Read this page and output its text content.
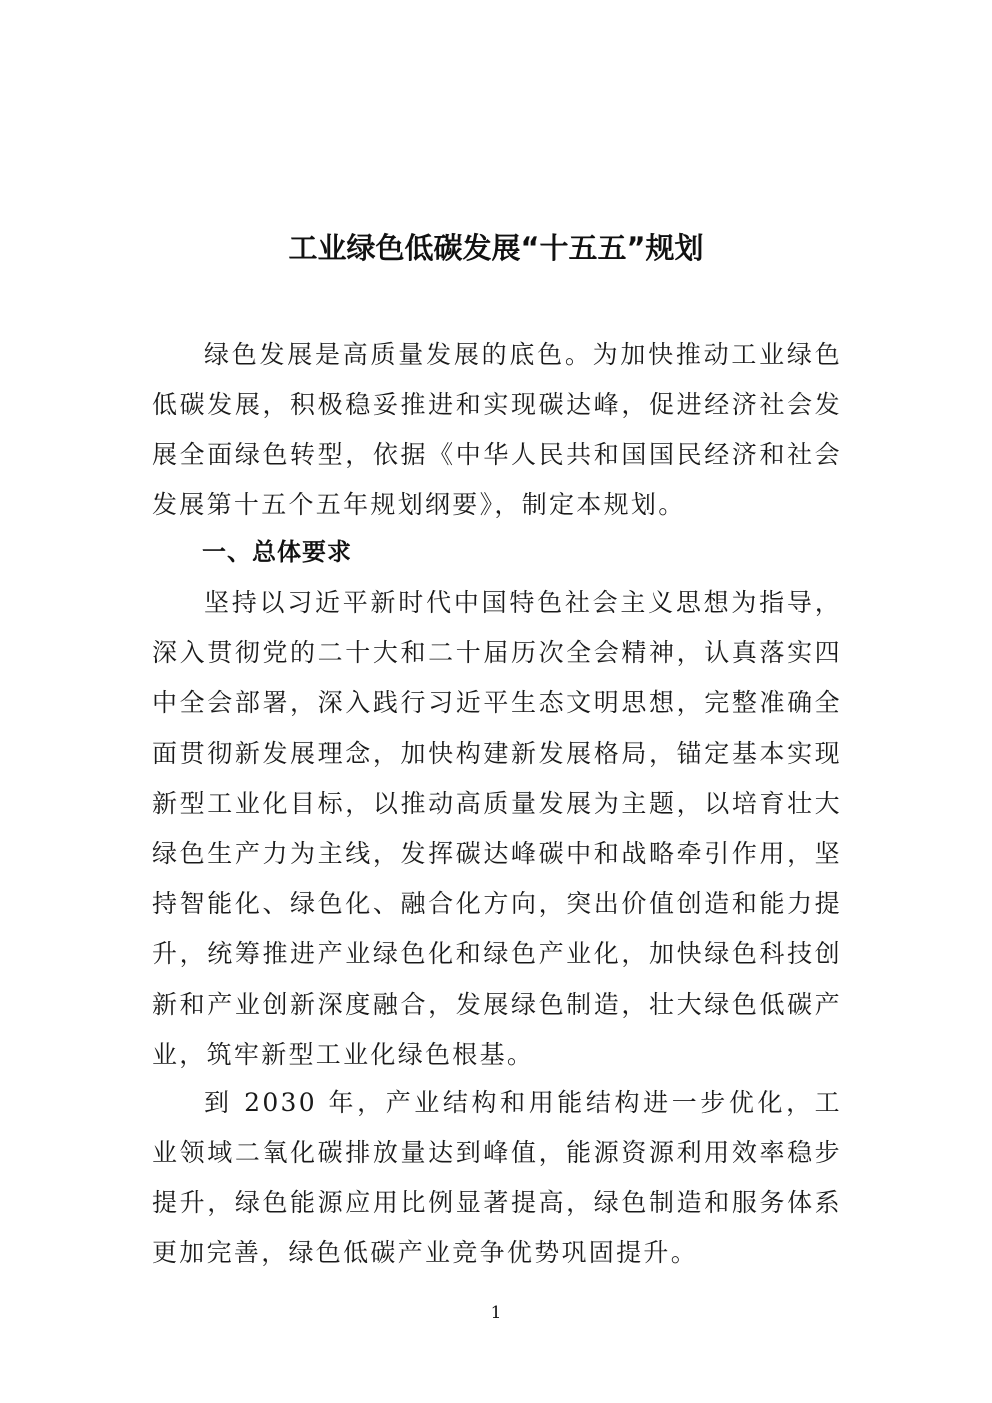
工业绿色低碳发展“十五五”规划
绿色发展是高质量发展的底色。为加快推动工业绿色低碳发展，积极稳妥推进和实现碳达峰，促进经济社会发展全面绿色转型，依据《中华人民共和国国民经济和社会发展第十五个五年规划纲要》，制定本规划。
一、总体要求
坚持以习近平新时代中国特色社会主义思想为指导，深入贯彻党的二十大和二十届历次全会精神，认真落实四中全会部署，深入践行习近平生态文明思想，完整准确全面贯彻新发展理念，加快构建新发展格局，锚定基本实现新型工业化目标，以推动高质量发展为主题，以培育壮大绿色生产力为主线，发挥碳达峰碳中和战略牵引作用，坚持智能化、绿色化、融合化方向，突出价值创造和能力提升，统筹推进产业绿色化和绿色产业化，加快绿色科技创新和产业创新深度融合，发展绿色制造，壮大绿色低碳产业，筑牢新型工业化绿色根基。
到 2030 年，产业结构和用能结构进一步优化，工业领域二氧化碳排放量达到峰值，能源资源利用效率稳步提升，绿色能源应用比例显著提高，绿色制造和服务体系更加完善，绿色低碳产业竞争优势巩固提升。
1
